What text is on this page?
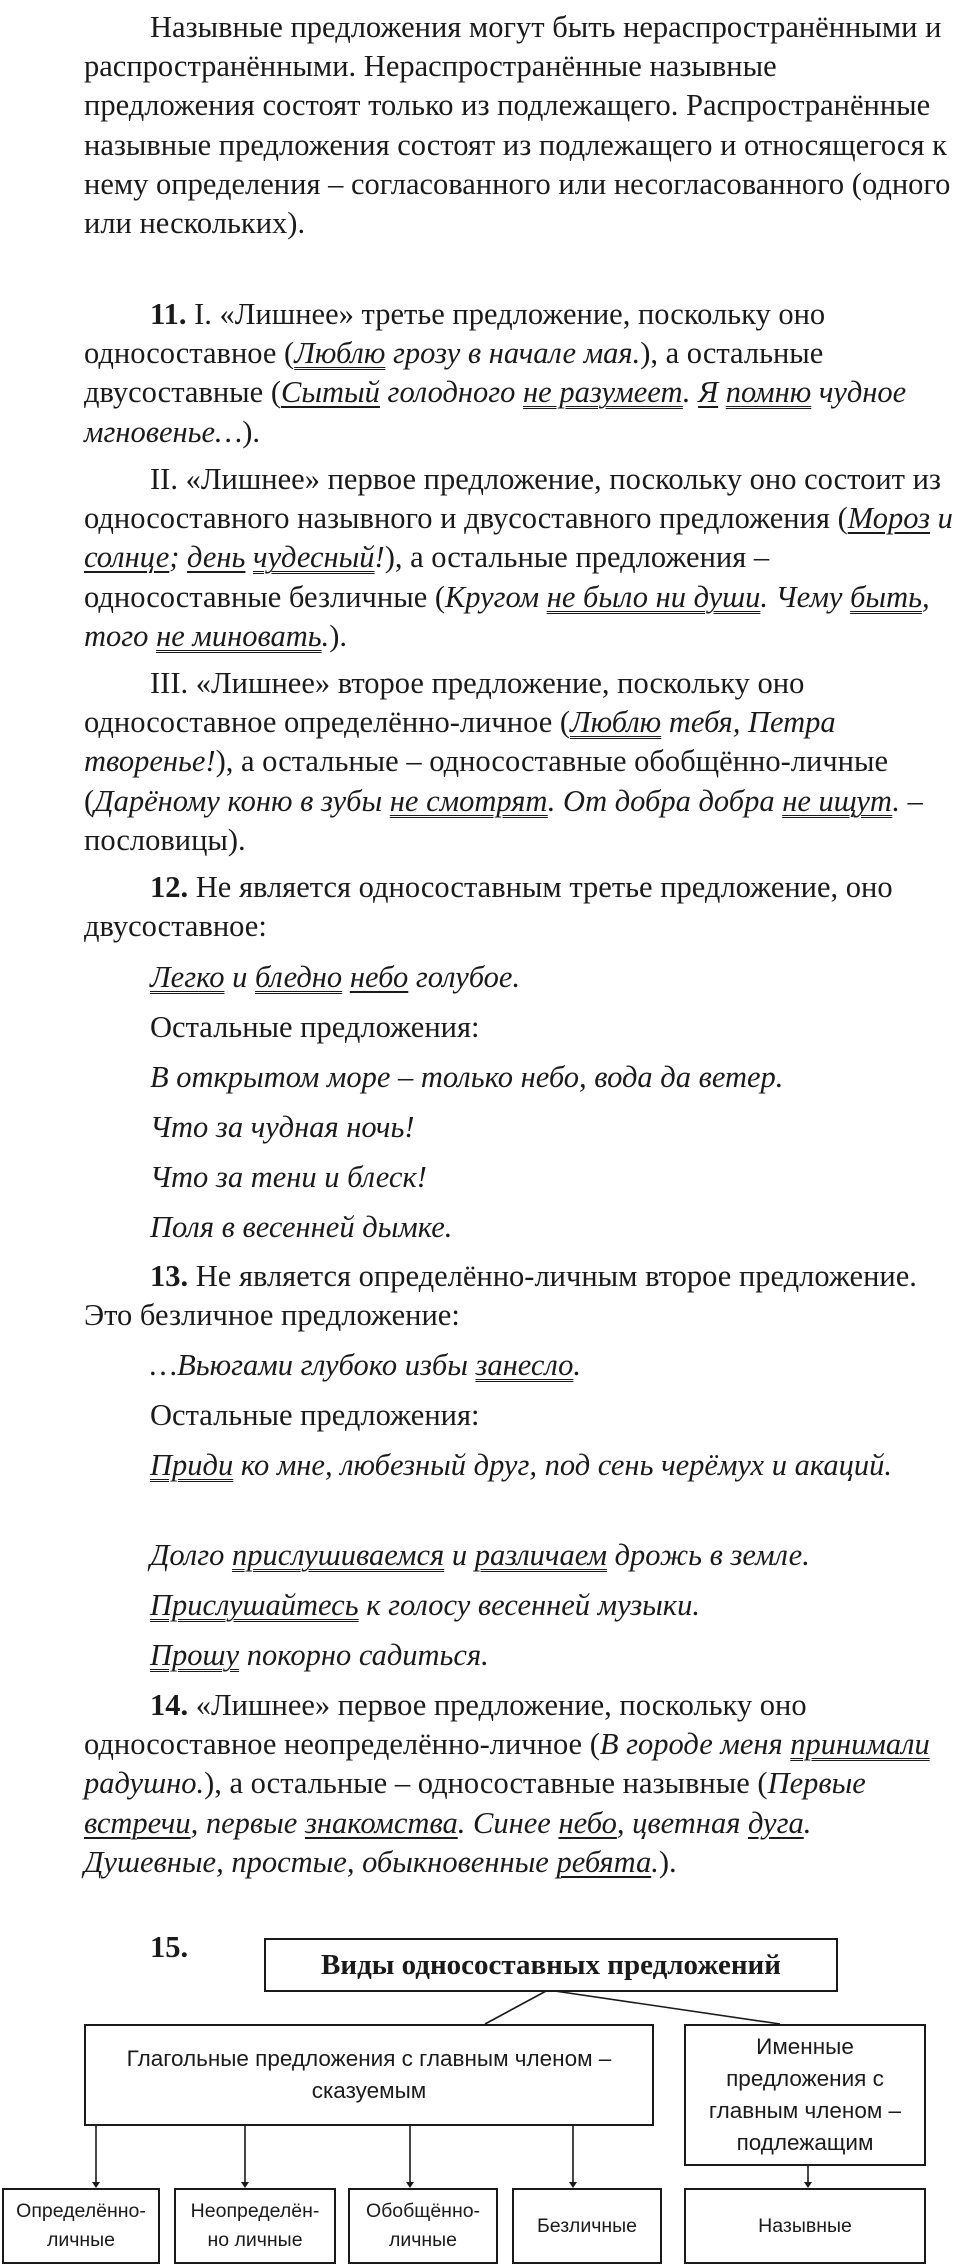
Назывные предложения могут быть нераспространёнными и распространёнными. Нераспространённые назывные предложения состоят только из подлежащего. Распространённые назывные предложения состоят из подлежащего и относящегося к нему определения – согласованного или несогласованного (одного или нескольких).

11. I. «Лишнее» третье предложение, поскольку оно односоставное (Люблю грозу в начале мая.), а остальные двусоставные (Сытый голодного не разумеет. Я помню чудное мгновенье…).

II. «Лишнее» первое предложение, поскольку оно состоит из односоставного назывного и двусоставного предложения (Мороз и солнце; день чудесный!), а остальные предложения – односоставные безличные (Кругом не было ни души. Чему быть, того не миновать.).

III. «Лишнее» второе предложение, поскольку оно односоставное определённо-личное (Люблю тебя, Петра творенье!), а остальные – односоставные обобщённо-личные (Дарёному коню в зубы не смотрят. От добра добра не ищут. – пословицы).

12. Не является односоставным третье предложение, оно двусоставное:

Легко и бледно небо голубое.

Остальные предложения:

В открытом море – только небо, вода да ветер.

Что за чудная ночь!

Что за тени и блеск!

Поля в весенней дымке.

13. Не является определённо-личным второе предложение. Это безличное предложение:

…Вьюгами глубоко избы занесло.

Остальные предложения:

Приди ко мне, любезный друг, под сень черёмух и акаций.

Долго прислушиваемся и различаем дрожь в земле.

Прислушайтесь к голосу весенней музыки.

Прошу покорно садиться.

14. «Лишнее» первое предложение, поскольку оно односоставное неопределённо-личное (В городе меня принимали радушно.), а остальные – односоставные назывные (Первые встречи, первые знакомства. Синее небо, цветная дуга. Душевные, простые, обыкновенные ребята.).

15.
Виды односоставных предложений
Глагольные предложения с главным членом – сказуемым
Именные предложения с главным членом – подлежащим
Определённо-личные
Неопределён-но личные
Обобщённо-личные
Безличные	Назывные
